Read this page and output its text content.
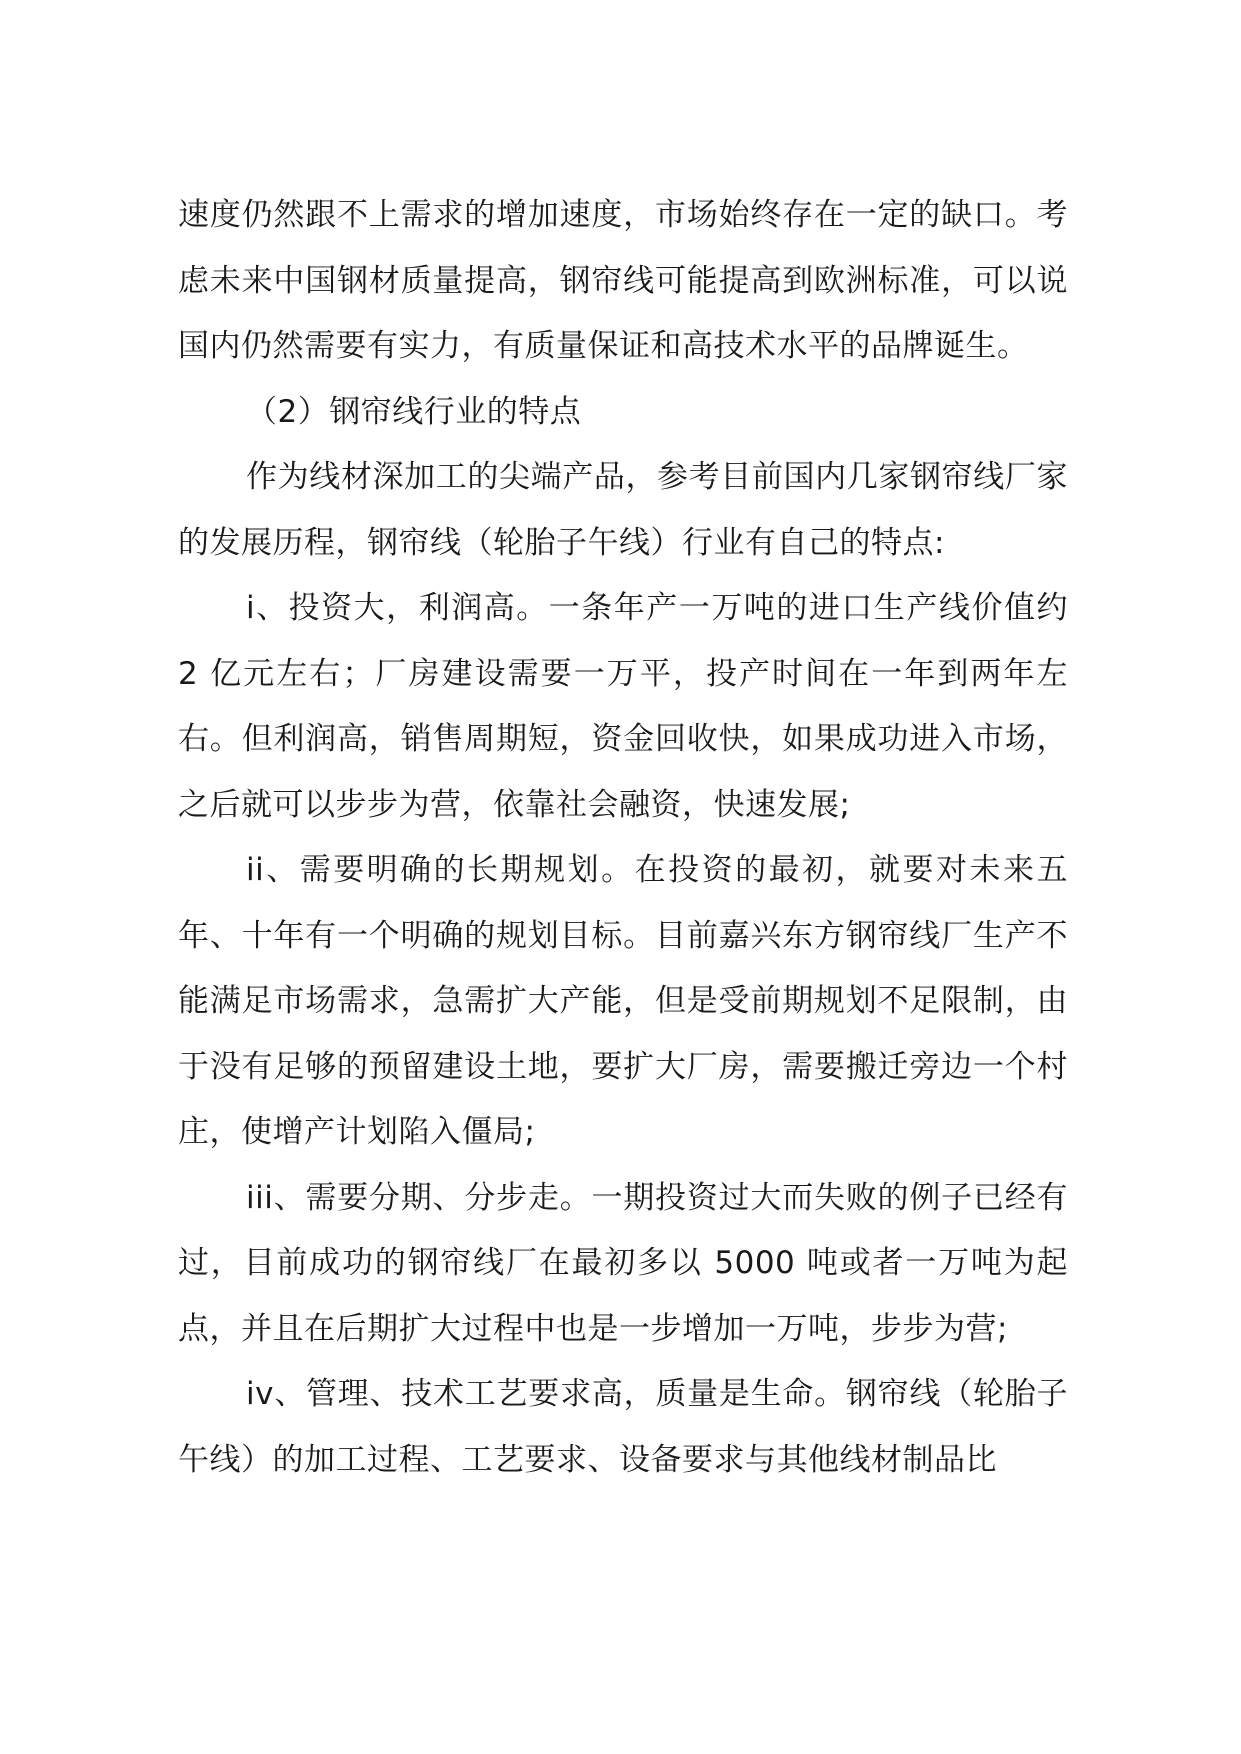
速度仍然跟不上需求的增加速度，市场始终存在一定的缺口。考虑未来中国钢材质量提高，钢帘线可能提高到欧洲标准，可以说国内仍然需要有实力，有质量保证和高技术水平的品牌诞生。

（2）钢帘线行业的特点

作为线材深加工的尖端产品，参考目前国内几家钢帘线厂家的发展历程，钢帘线（轮胎子午线）行业有自己的特点:

i、投资大，利润高。一条年产一万吨的进口生产线价值约 2 亿元左右；厂房建设需要一万平，投产时间在一年到两年左右。但利润高，销售周期短，资金回收快，如果成功进入市场，之后就可以步步为营，依靠社会融资，快速发展;

ii、需要明确的长期规划。在投资的最初，就要对未来五年、十年有一个明确的规划目标。目前嘉兴东方钢帘线厂生产不能满足市场需求，急需扩大产能，但是受前期规划不足限制，由于没有足够的预留建设土地，要扩大厂房，需要搬迁旁边一个村庄，使增产计划陷入僵局;

iii、需要分期、分步走。一期投资过大而失败的例子已经有过，目前成功的钢帘线厂在最初多以 5000 吨或者一万吨为起点，并且在后期扩大过程中也是一步增加一万吨，步步为营;

iv、管理、技术工艺要求高，质量是生命。钢帘线（轮胎子午线）的加工过程、工艺要求、设备要求与其他线材制品比
